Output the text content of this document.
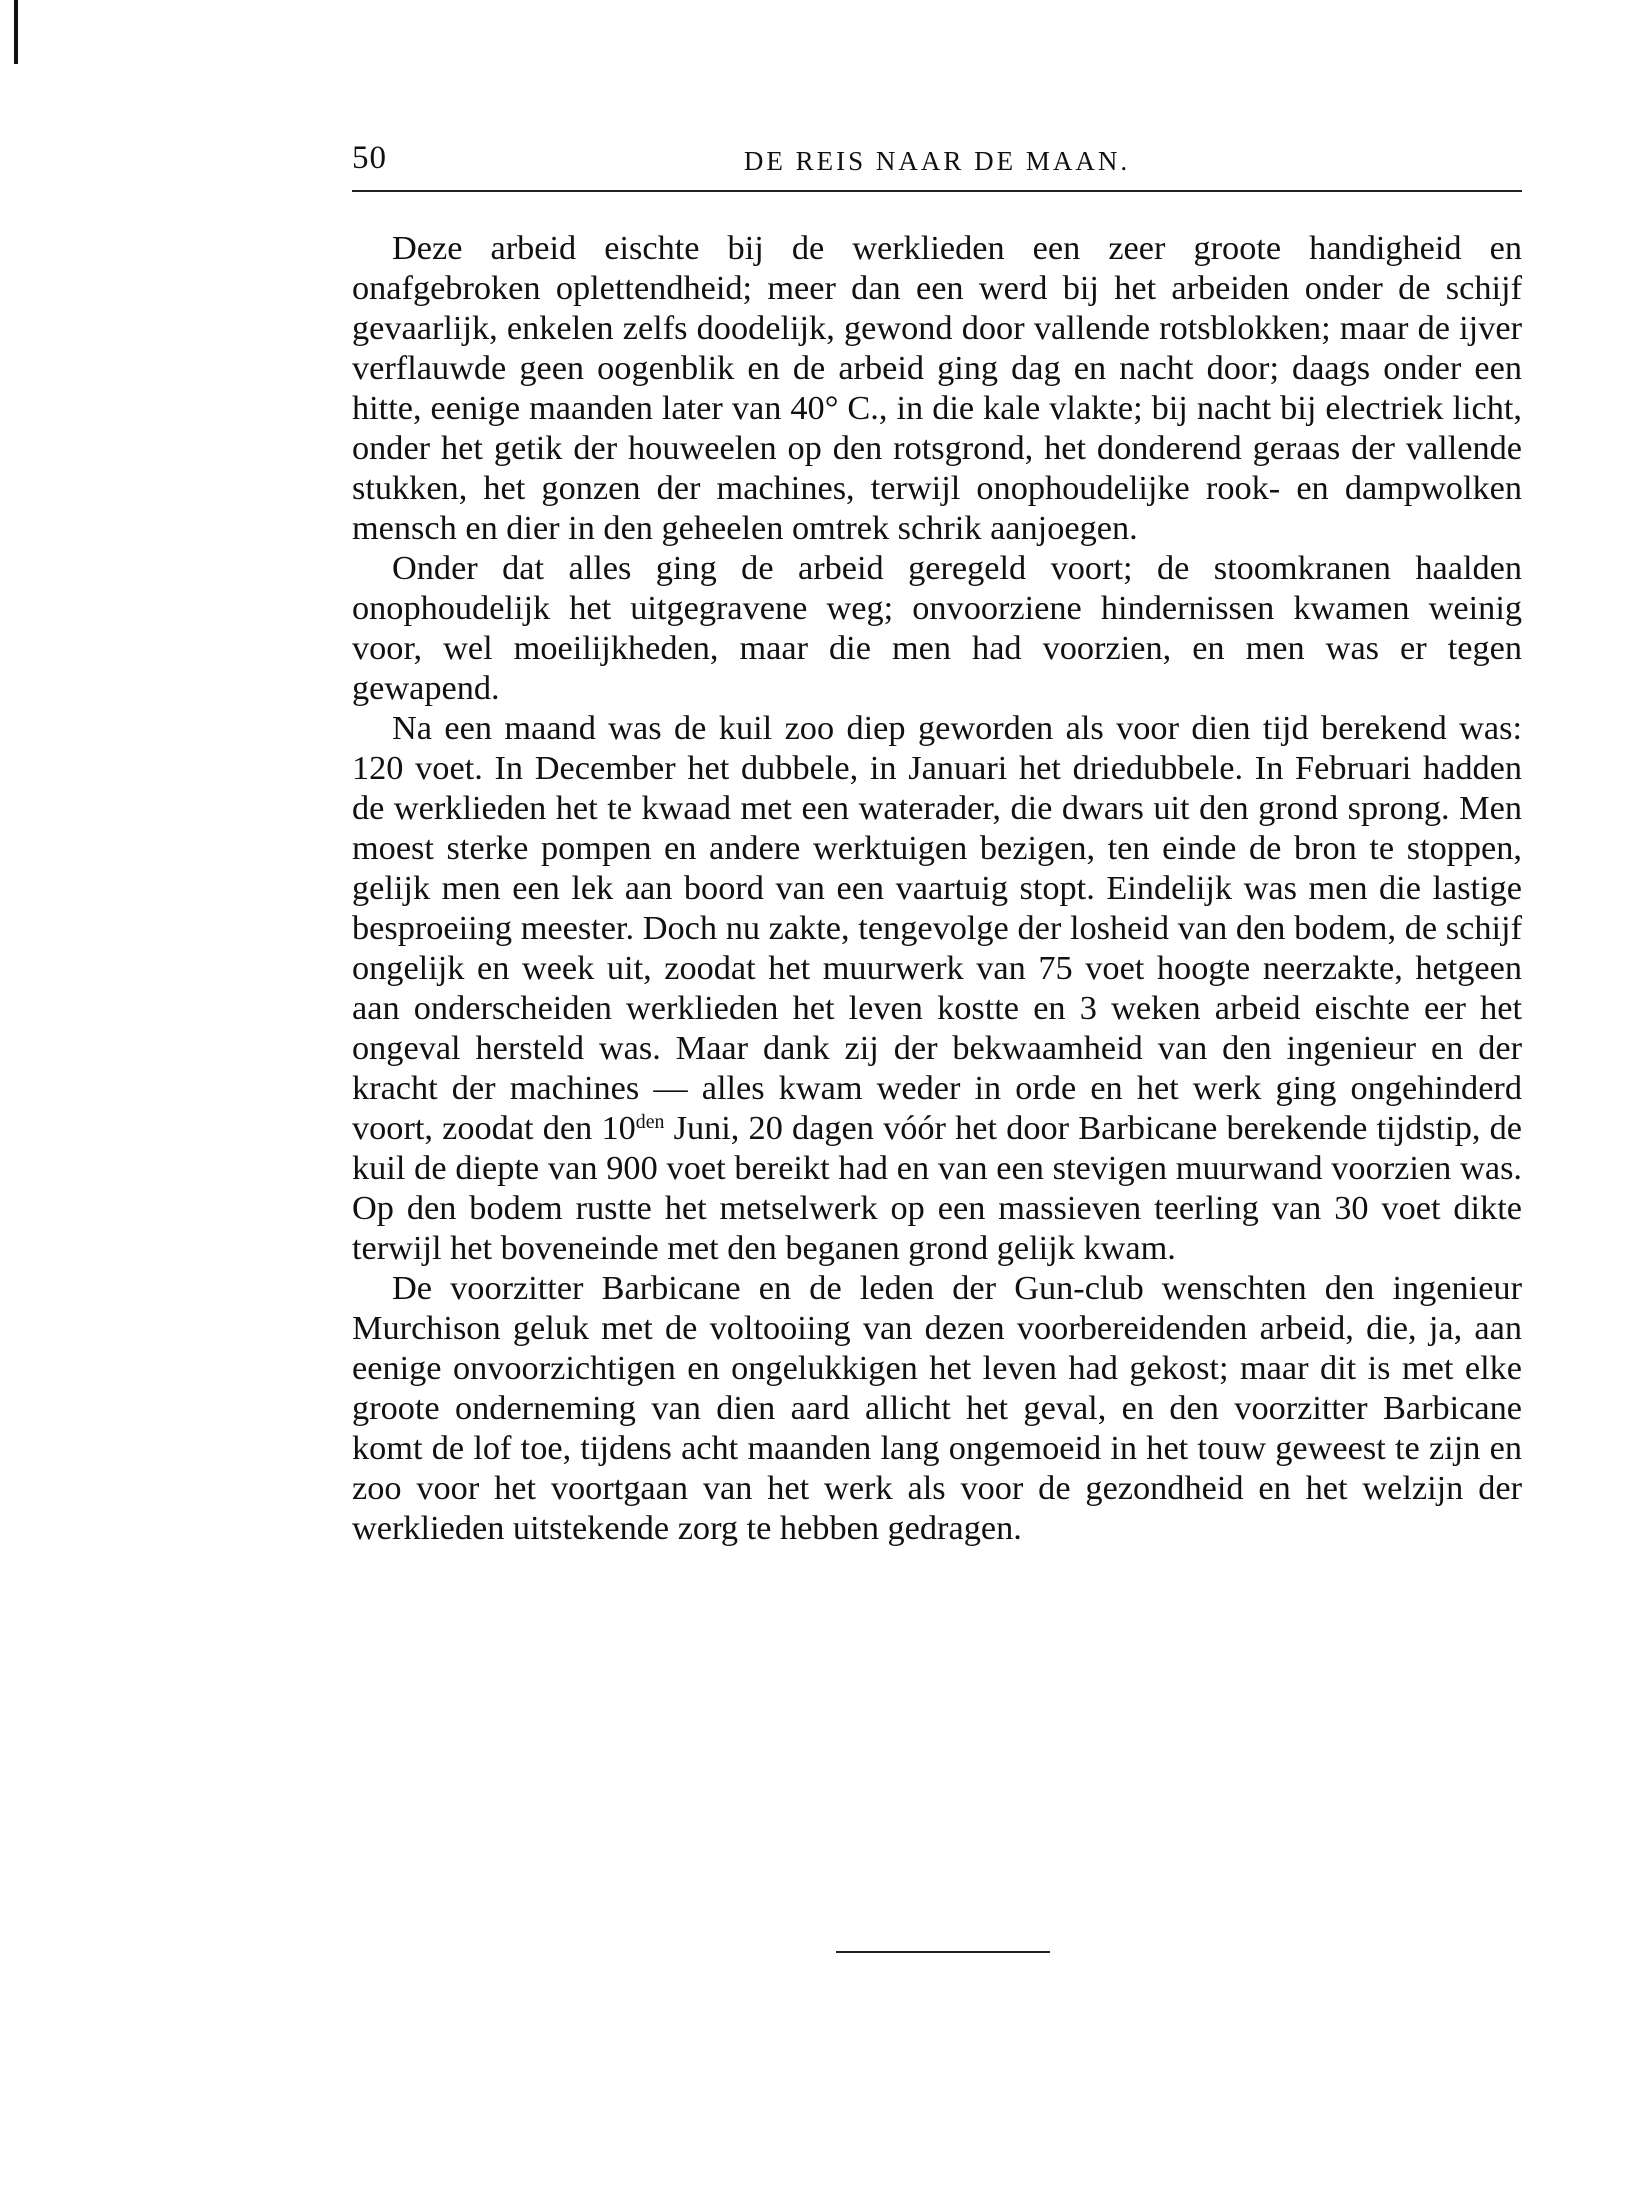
50	DE REIS NAAR DE MAAN.

Deze arbeid eischte bij de werklieden een zeer groote handigheid en onafgebroken oplettendheid; meer dan een werd bij het arbeiden onder de schijf gevaarlijk, enkelen zelfs doodelijk, gewond door vallende rotsblokken; maar de ijver verflauwde geen oogenblik en de arbeid ging dag en nacht door; daags onder een hitte, eenige maanden later van 40° C., in die kale vlakte; bij nacht bij electriek licht, onder het getik der houweelen op den rotsgrond, het donderend geraas der vallende stukken, het gonzen der machines, terwijl onophoudelijke rook- en dampwolken mensch en dier in den geheelen omtrek schrik aanjoegen.

Onder dat alles ging de arbeid geregeld voort; de stoomkranen haalden onophoudelijk het uitgegravene weg; onvoorziene hindernissen kwamen weinig voor, wel moeilijkheden, maar die men had voorzien, en men was er tegen gewapend.

Na een maand was de kuil zoo diep geworden als voor dien tijd berekend was: 120 voet. In December het dubbele, in Januari het driedubbele. In Februari hadden de werklieden het te kwaad met een waterader, die dwars uit den grond sprong. Men moest sterke pompen en andere werktuigen bezigen, ten einde de bron te stoppen, gelijk men een lek aan boord van een vaartuig stopt. Eindelijk was men die lastige besproeiing meester. Doch nu zakte, tengevolge der losheid van den bodem, de schijf ongelijk en week uit, zoodat het muurwerk van 75 voet hoogte neerzakte, hetgeen aan onderscheiden werklieden het leven kostte en 3 weken arbeid eischte eer het ongeval hersteld was. Maar dank zij der bekwaamheid van den ingenieur en der kracht der machines — alles kwam weder in orde en het werk ging ongehinderd voort, zoodat den $10^{den}$ Juni, 20 dagen vóór het door Barbicane berekende tijdstip, de kuil de diepte van 900 voet bereikt had en van een stevigen muurwand voorzien was. Op den bodem rustte het metselwerk op een massieven teerling van 30 voet dikte terwijl het boveneinde met den beganen grond gelijk kwam.

De voorzitter Barbicane en de leden der Gun-club wenschten den ingenieur Murchison geluk met de voltooiing van dezen voorbereidenden arbeid, die, ja, aan eenige onvoorzichtigen en ongelukkigen het leven had gekost; maar dit is met elke groote onderneming van dien aard allicht het geval, en den voorzitter Barbicane komt de lof toe, tijdens acht maanden lang ongemoeid in het touw geweest te zijn en zoo voor het voortgaan van het werk als voor de gezondheid en het welzijn der werklieden uitstekende zorg te hebben gedragen.
